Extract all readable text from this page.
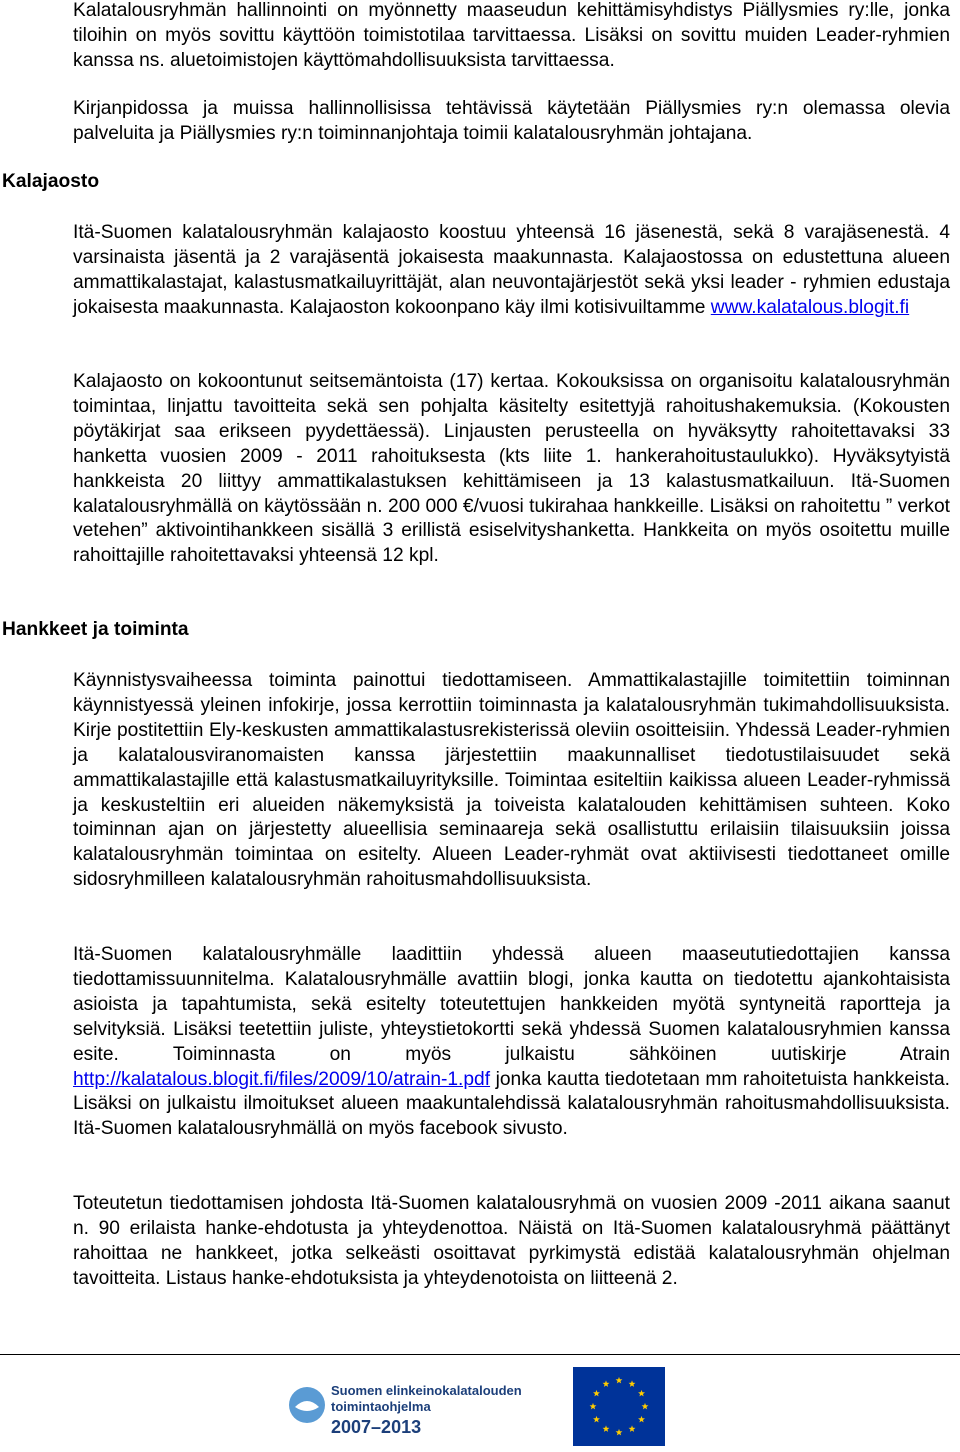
Kalatalousryhmän hallinnointi on myönnetty maaseudun kehittämisyhdistys Piällysmies ry:lle, jonka tiloihin on myös sovittu käyttöön toimistotilaa tarvittaessa. Lisäksi on sovittu muiden Leader-ryhmien kanssa ns. aluetoimistojen käyttömahdollisuuksista tarvittaessa.

Kirjanpidossa ja muissa hallinnollisissa tehtävissä käytetään Piällysmies ry:n olemassa olevia palveluita ja Piällysmies ry:n toiminnanjohtaja toimii kalatalousryhmän johtajana.

Kalajaosto

Itä-Suomen kalatalousryhmän kalajaosto koostuu yhteensä 16 jäsenestä, sekä 8 varajäsenestä. 4 varsinaista jäsentä ja 2 varajäsentä jokaisesta maakunnasta. Kalajaostossa on edustettuna alueen ammattikalastajat, kalastusmatkailuyrittäjät, alan neuvontajärjestöt sekä yksi leader - ryhmien edustaja jokaisesta maakunnasta. Kalajaoston kokoonpano käy ilmi kotisivuiltamme www.kalatalous.blogit.fi

Kalajaosto on kokoontunut seitsemäntoista (17) kertaa. Kokouksissa on organisoitu kalatalousryhmän toimintaa, linjattu tavoitteita sekä sen pohjalta käsitelty esitettyjä rahoitushakemuksia. (Kokousten pöytäkirjat saa erikseen pyydettäessä). Linjausten perusteella on hyväksytty rahoitettavaksi 33 hanketta vuosien 2009 - 2011 rahoituksesta (kts liite 1. hankerahoitustaulukko). Hyväksytyistä hankkeista 20 liittyy ammattikalastuksen kehittämiseen ja 13 kalastusmatkailuun. Itä-Suomen kalatalousryhmällä on käytössään n. 200 000 €/vuosi tukirahaa hankkeille. Lisäksi on rahoitettu ” verkot vetehen” aktivointihankkeen sisällä 3 erillistä esiselvityshanketta. Hankkeita on myös osoitettu muille rahoittajille rahoitettavaksi yhteensä 12 kpl.

Hankkeet ja toiminta

Käynnistysvaiheessa toiminta painottui tiedottamiseen. Ammattikalastajille toimitettiin toiminnan käynnistyessä yleinen infokirje, jossa kerrottiin toiminnasta ja kalatalousryhmän tukimahdollisuuksista. Kirje postitettiin Ely-keskusten ammattikalastusrekisterissä oleviin osoitteisiin. Yhdessä Leader-ryhmien ja kalatalousviranomaisten kanssa järjestettiin maakunnalliset tiedotustilaisuudet sekä ammattikalastajille että kalastusmatkailuyrityksille. Toimintaa esiteltiin kaikissa alueen Leader-ryhmissä ja keskusteltiin eri alueiden näkemyksistä ja toiveista kalatalouden kehittämisen suhteen. Koko toiminnan ajan on järjestetty alueellisia seminaareja sekä osallistuttu erilaisiin tilaisuuksiin joissa kalatalousryhmän toimintaa on esitelty. Alueen Leader-ryhmät ovat aktiivisesti tiedottaneet omille sidosryhmilleen kalatalousryhmän rahoitusmahdollisuuksista.

Itä-Suomen kalatalousryhmälle laadittiin yhdessä alueen maaseututiedottajien kanssa tiedottamissuunnitelma. Kalatalousryhmälle avattiin blogi, jonka kautta on tiedotettu ajankohtaisista asioista ja tapahtumista, sekä esitelty toteutettujen hankkeiden myötä syntyneitä raportteja ja selvityksiä. Lisäksi teetettiin juliste, yhteystietokortti sekä yhdessä Suomen kalatalousryhmien kanssa esite. Toiminnasta on myös julkaistu sähköinen uutiskirje Atrain http://kalatalous.blogit.fi/files/2009/10/atrain-1.pdf jonka kautta tiedotetaan mm rahoitetuista hankkeista. Lisäksi on julkaistu ilmoitukset alueen maakuntalehdissä kalatalousryhmän rahoitusmahdollisuuksista. Itä-Suomen kalatalousryhmällä on myös facebook sivusto.

Toteutetun tiedottamisen johdosta Itä-Suomen kalatalousryhmä on vuosien 2009 -2011 aikana saanut n. 90 erilaista hanke-ehdotusta ja yhteydenottoa. Näistä on Itä-Suomen kalatalousryhmä päättänyt rahoittaa ne hankkeet, jotka selkeästi osoittavat pyrkimystä edistää kalatalousryhmän ohjelman tavoitteita. Listaus hanke-ehdotuksista ja yhteydenotoista on liitteenä 2.

Suomen elinkeinokalatalouden
toimintaohjelma
2007–2013
